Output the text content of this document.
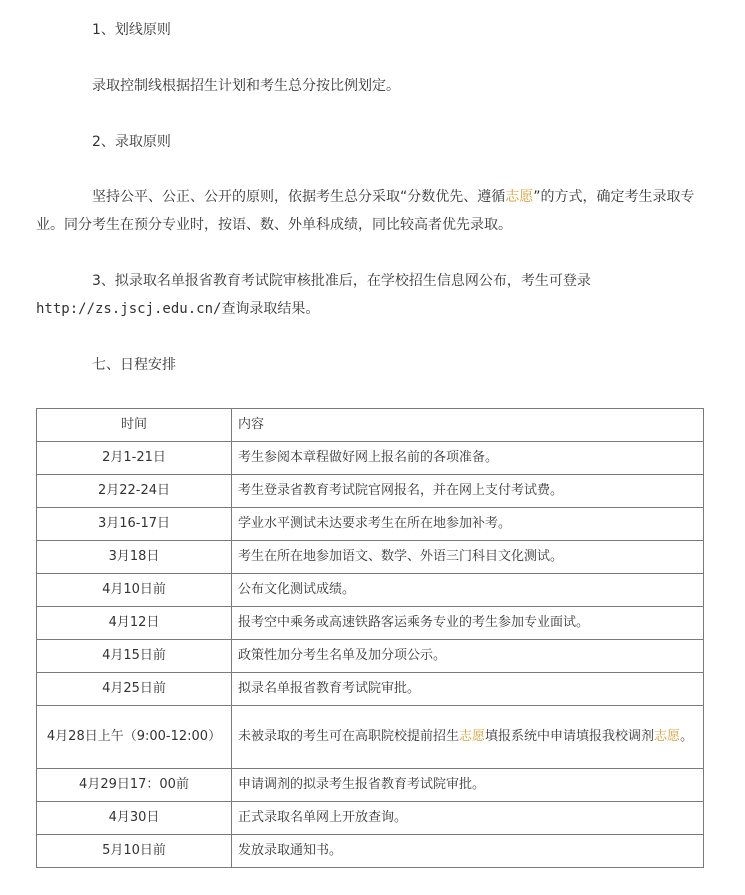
1、划线原则
录取控制线根据招生计划和考生总分按比例划定。
2、录取原则
坚持公平、公正、公开的原则，依据考生总分采取“分数优先、遵循志愿”的方式，确定考生录取专业。同分考生在预分专业时，按语、数、外单科成绩，同比较高者优先录取。
3、拟录取名单报省教育考试院审核批准后，在学校招生信息网公布，考生可登录http://zs.jscj.edu.cn/查询录取结果。
七、日程安排
时间	内容
2月1-21日	考生参阅本章程做好网上报名前的各项准备。
2月22-24日	考生登录省教育考试院官网报名，并在网上支付考试费。
3月16-17日	学业水平测试未达要求考生在所在地参加补考。
3月18日	考生在所在地参加语文、数学、外语三门科目文化测试。
4月10日前	公布文化测试成绩。
4月12日	报考空中乘务或高速铁路客运乘务专业的考生参加专业面试。
4月15日前	政策性加分考生名单及加分项公示。
4月25日前	拟录名单报省教育考试院审批。
4月28日上午（9:00-12:00）	未被录取的考生可在高职院校提前招生志愿填报系统中申请填报我校调剂志愿。
4月29日17：00前	申请调剂的拟录考生报省教育考试院审批。
4月30日	正式录取名单网上开放查询。
5月10日前	发放录取通知书。
